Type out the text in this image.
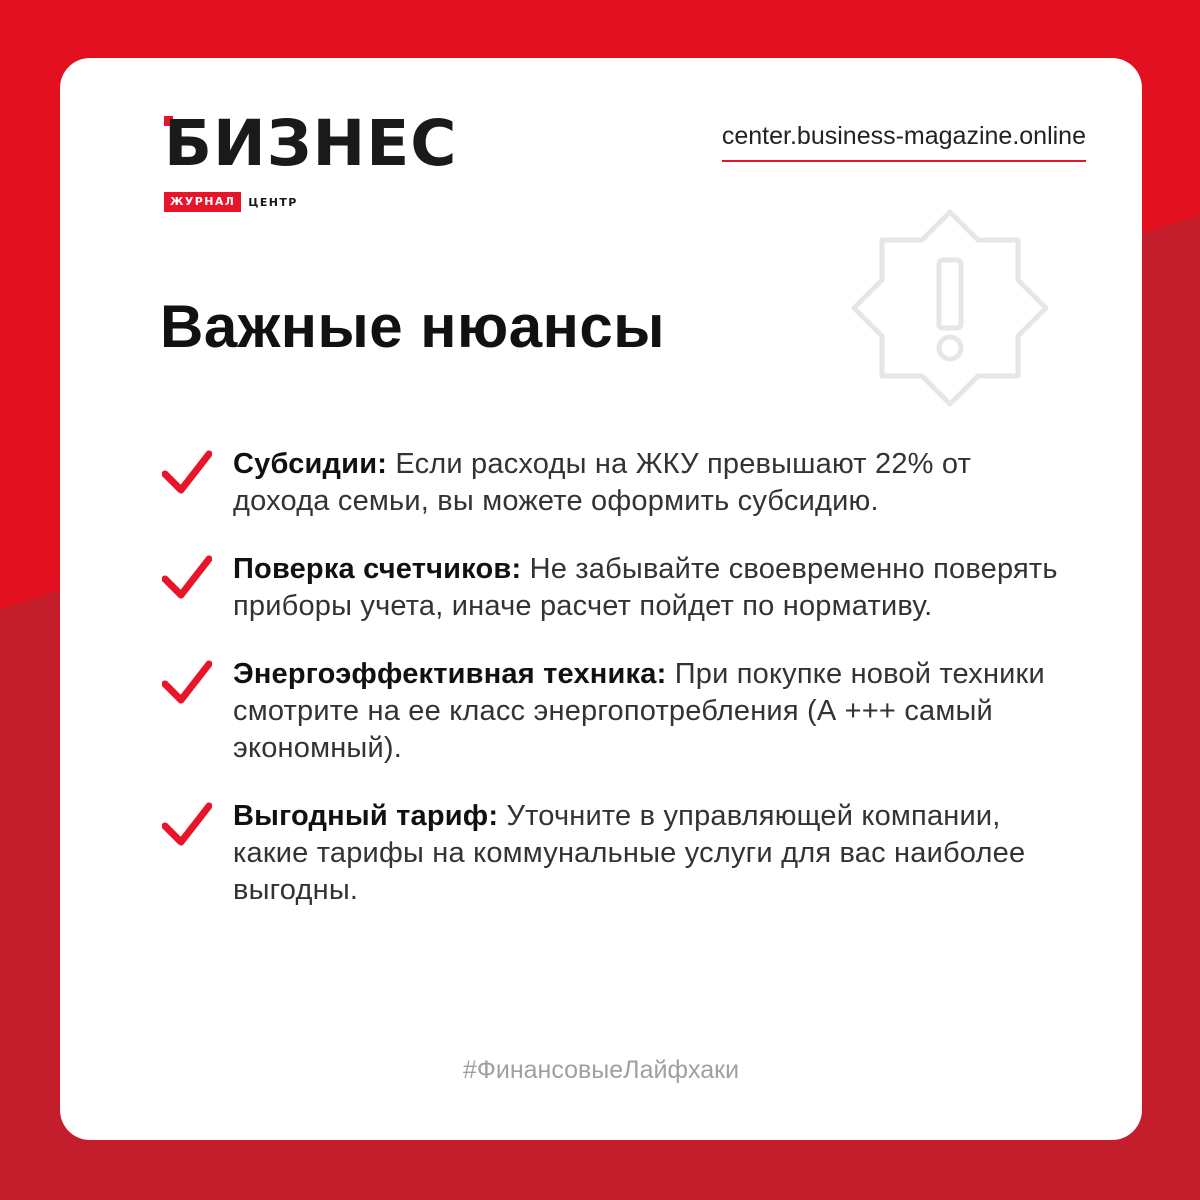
БИЗНЕС
ЖУРНАЛ	ЦЕНТР
center.business-magazine.online
Важные нюансы

Субсидии: Если расходы на ЖКУ превышают 22% от дохода семьи, вы можете оформить субсидию.

Поверка счетчиков: Не забывайте своевременно поверять приборы учета, иначе расчет пойдет по нормативу.

Энергоэффективная техника: При покупке новой техники смотрите на ее класс энергопотребления (А +++ самый экономный).

Выгодный тариф: Уточните в управляющей компании, какие тарифы на коммунальные услуги для вас наиболее выгодны.

#ФинансовыеЛайфхаки
